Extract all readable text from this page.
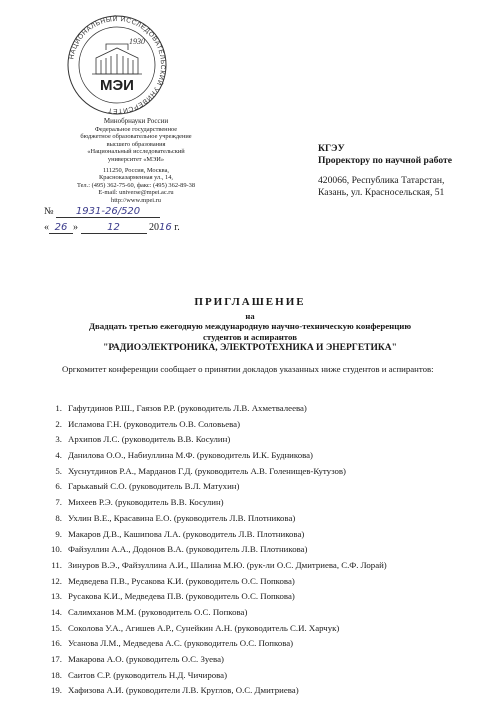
НАЦИОНАЛЬНЫЙ ИССЛЕДОВАТЕЛЬСКИЙ УНИВЕРСИТЕТ
1930
МЭИ
Минобрнауки России
Федеральное государственное
бюджетное образовательное учреждение
высшего образования
«Национальный исследовательский
университет «МЭИ»
111250, Россия, Москва,
Красноказарменная ул., 14,
Тел.: (495) 362-75-60, факс: (495) 362-89-38
E-mail: universe@mpei.ac.ru
http://www.mpei.ru
№ 1931-26/520
« 26 »	12	2016 г.
КГЭУ
Проректору по научной работе
420066, Республика Татарстан,
Казань, ул. Красносельская, 51
ПРИГЛАШЕНИЕ
на
Двадцать третью ежегодную международную научно-техническую конференцию
студентов и аспирантов
"РАДИОЭЛЕКТРОНИКА, ЭЛЕКТРОТЕХНИКА И ЭНЕРГЕТИКА"
Оргкомитет конференции сообщает о принятии докладов указанных ниже студентов и аспирантов:
1. Гафутдинов Р.Ш., Гаязов Р.Р. (руководитель Л.В. Ахметвалеева)
2. Исламова Г.Н. (руководитель О.В. Соловьева)
3. Архипов Л.С. (руководитель В.В. Косулин)
4. Данилова О.О., Набиуллина М.Ф. (руководитель И.К. Будникова)
5. Хуснутдинов Р.А., Марданов Г.Д. (руководитель А.В. Голенищев-Кутузов)
6. Гарькавый С.О. (руководитель В.Л. Матухин)
7. Михеев Р.Э. (руководитель В.В. Косулин)
8. Ухлин В.Е., Красавина Е.О. (руководитель Л.В. Плотникова)
9. Макаров Д.В., Кашипова Л.А. (руководитель Л.В. Плотникова)
10. Файзуллин А.А., Додонов В.А. (руководитель Л.В. Плотникова)
11. Зинуров В.Э., Файзуллина А.И., Шалина М.Ю. (рук-ли О.С. Дмитриева, С.Ф. Лорай)
12. Медведева П.В., Русакова К.И. (руководитель О.С. Попкова)
13. Русакова К.И., Медведева П.В. (руководитель О.С. Попкова)
14. Салимханов М.М. (руководитель О.С. Попкова)
15. Соколова У.А., Агишев А.Р., Сунейкин А.Н. (руководитель С.И. Харчук)
16. Усанова Л.М., Медведева А.С. (руководитель О.С. Попкова)
17. Макарова А.О. (руководитель О.С. Зуева)
18. Саитов С.Р. (руководитель Н.Д. Чичирова)
19. Хафизова А.И. (руководители Л.В. Круглов, О.С. Дмитриева)
